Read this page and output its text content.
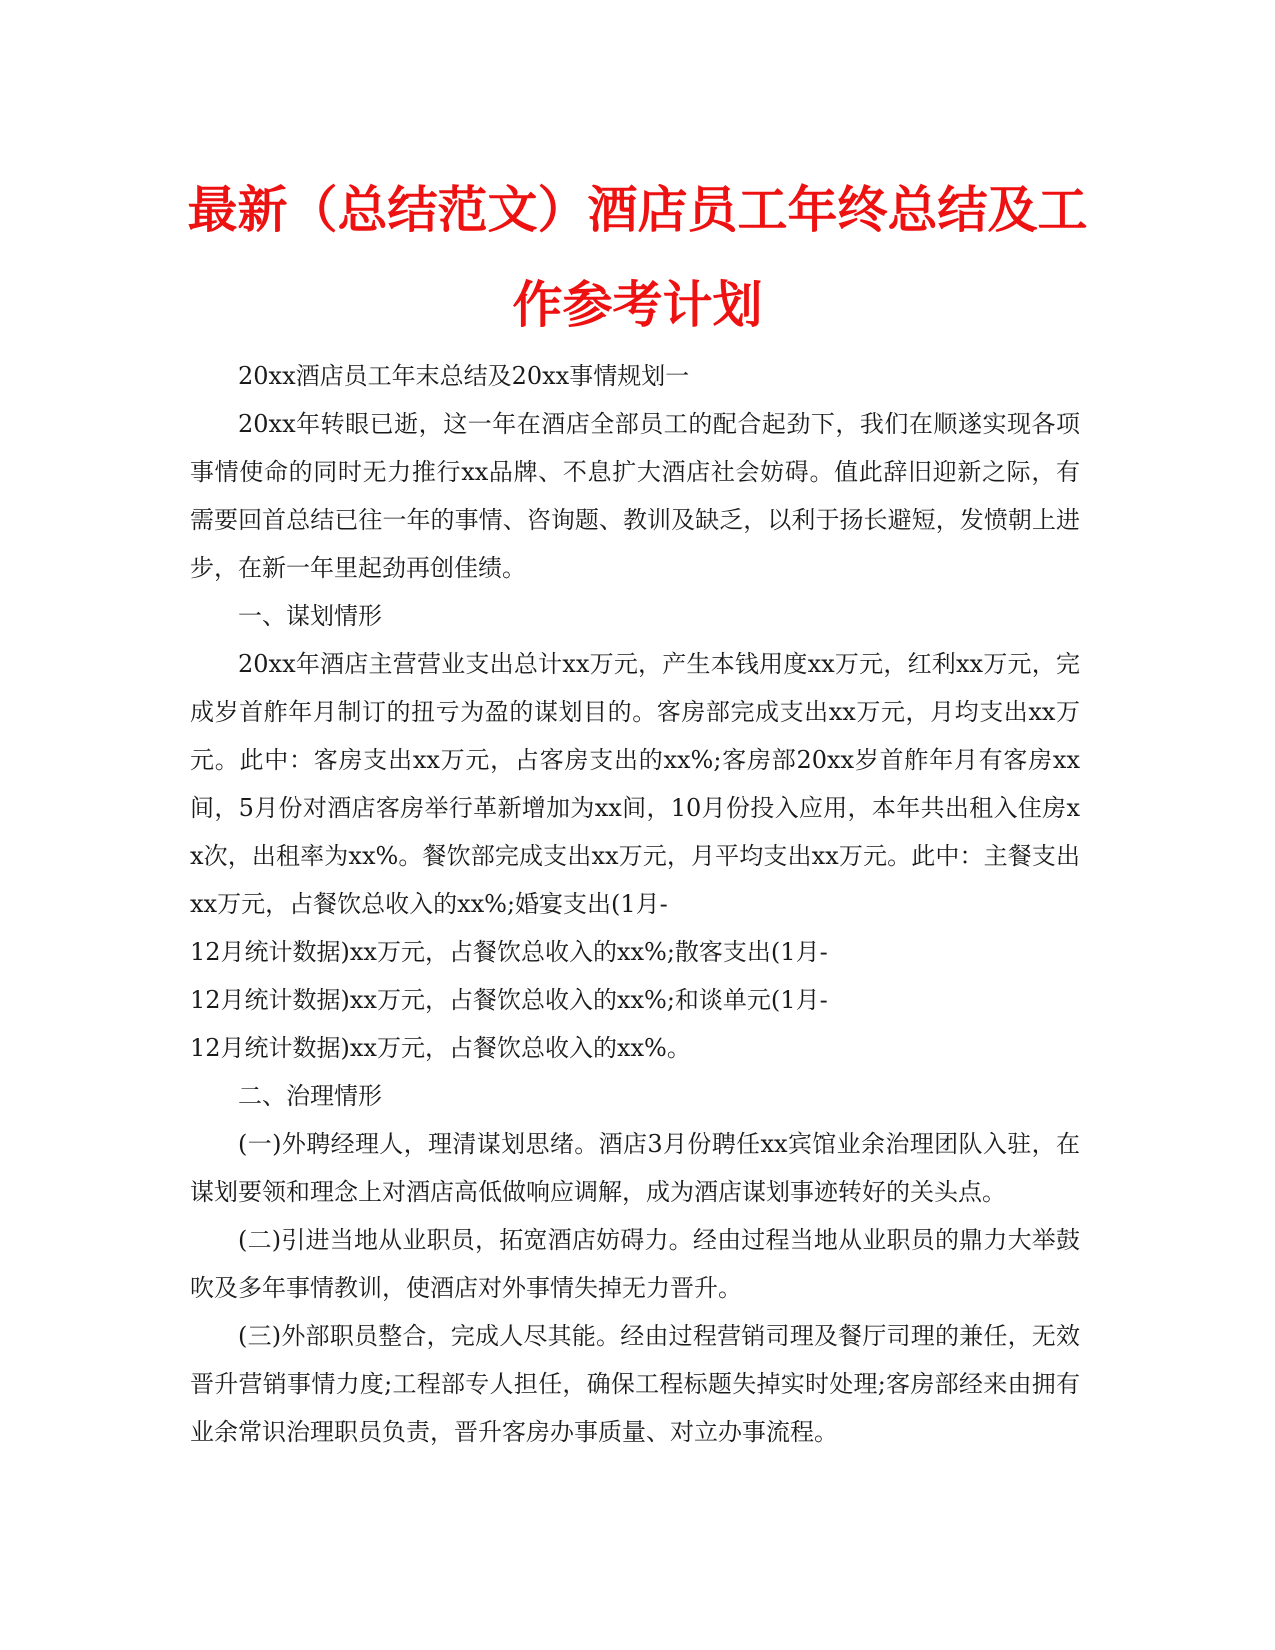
最新（总结范文）酒店员工年终总结及工
作参考计划

20xx酒店员工年末总结及20xx事情规划一

20xx年转眼已逝，这一年在酒店全部员工的配合起劲下，我们在顺遂实现各项事情使命的同时无力推行xx品牌、不息扩大酒店社会妨碍。值此辞旧迎新之际，有需要回首总结已往一年的事情、咨询题、教训及缺乏，以利于扬长避短，发愤朝上进步，在新一年里起劲再创佳绩。

一、谋划情形

20xx年酒店主营营业支出总计xx万元，产生本钱用度xx万元，红利xx万元，完成岁首舴年月制订的扭亏为盈的谋划目的。客房部完成支出xx万元，月均支出xx万元。此中：客房支出xx万元，占客房支出的xx%;客房部20xx岁首舴年月有客房xx间，5月份对酒店客房举行革新增加为xx间，10月份投入应用，本年共出租入住房xx次，出租率为xx%。餐饮部完成支出xx万元，月平均支出xx万元。此中：主餐支出xx万元，占餐饮总收入的xx%;婚宴支出(1月-

12月统计数据)xx万元，占餐饮总收入的xx%;散客支出(1月-

12月统计数据)xx万元，占餐饮总收入的xx%;和谈单元(1月-

12月统计数据)xx万元，占餐饮总收入的xx%。

二、治理情形

(一)外聘经理人，理清谋划思绪。酒店3月份聘任xx宾馆业余治理团队入驻，在谋划要领和理念上对酒店高低做响应调解，成为酒店谋划事迹转好的关头点。

(二)引进当地从业职员，拓宽酒店妨碍力。经由过程当地从业职员的鼎力大举鼓吹及多年事情教训，使酒店对外事情失掉无力晋升。

(三)外部职员整合，完成人尽其能。经由过程营销司理及餐厅司理的兼任，无效晋升营销事情力度;工程部专人担任，确保工程标题失掉实时处理;客房部经来由拥有业余常识治理职员负责，晋升客房办事质量、对立办事流程。
